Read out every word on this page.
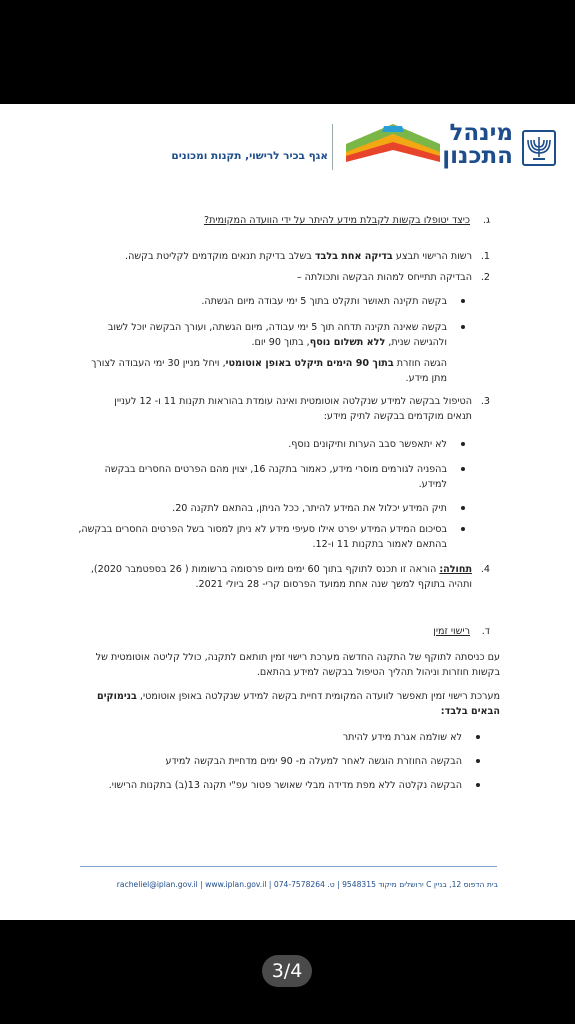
מינהל
התכנון
אגף בכיר לרישוי, תקנות ומכונים
ג.כיצד יטופלו בקשות לקבלת מידע להיתר על ידי הוועדה המקומית?
1.
רשות הרישוי תבצע בדיקה אחת בלבד בשלב בדיקת תנאים מוקדמים לקליטת בקשה.
2.
הבדיקה תתייחס למהות הבקשה ותכולתה –
בקשה תקינה תאושר ותקלט בתוך 5 ימי עבודה מיום הגשתה.
בקשה שאינה תקינה תדחה תוך 5 ימי עבודה, מיום הגשתה, ועורך הבקשה יוכל לשוב ולהגישה שנית, ללא תשלום נוסף, בתוך 90 יום.
הגשה חוזרת בתוך 90 הימים תיקלט באופן אוטומטי, ויחל מניין 30 ימי העבודה לצורך מתן מידע.
3.
הטיפול בבקשה למידע שנקלטה אוטומטית ואינה עומדת בהוראות תקנות 11 ו- 12 לעניין תנאים מוקדמים בבקשה לתיק מידע:
לא יתאפשר סבב הערות ותיקונים נוסף.
בהפניה לגורמים מוסרי מידע, כאמור בתקנה 16, יצוין מהם הפרטים החסרים בבקשה למידע.
תיק המידע יכלול את המידע להיתר, ככל הניתן, בהתאם לתקנה 20.
בסיכום המידע המידע יפרט אילו סעיפי מידע לא ניתן למסור בשל הפרטים החסרים בבקשה, בהתאם לאמור בתקנות 11 ו-12.
4.
תחולה: הוראה זו תכנס לתוקף בתוך 60 ימים מיום פרסומה ברשומות ( 26 בספטמבר 2020), ותהיה בתוקף למשך שנה אחת ממועד הפרסום קרי- 28 ביולי 2021.
ד.רישוי זמין
עם כניסתה לתוקף של התקנה החדשה מערכת רישוי זמין תותאם לתקנה, כולל קליטה אוטומטית של בקשות חוזרות וניהול תהליך הטיפול בבקשה למידע בהתאם.
מערכת רישוי זמין תאפשר לוועדה המקומית דחיית בקשה למידע שנקלטה באופן אוטומטי, בנימוקים הבאים בלבד:
לא שולמה אגרת מידע להיתר
הבקשה החוזרת הוגשה לאחר למעלה מ- 90 ימים מדחיית הבקשה למידע
הבקשה נקלטה ללא מפת מדידה מבלי שאושר פטור עפ"י תקנה 13(ב) בתקנות הרישוי.
בית הדפוס 12, בניין C ירושלים מיקוד 9548315 | ט. 074-7578264 | racheliel@iplan.gov.il | www.iplan.gov.il
3/4
